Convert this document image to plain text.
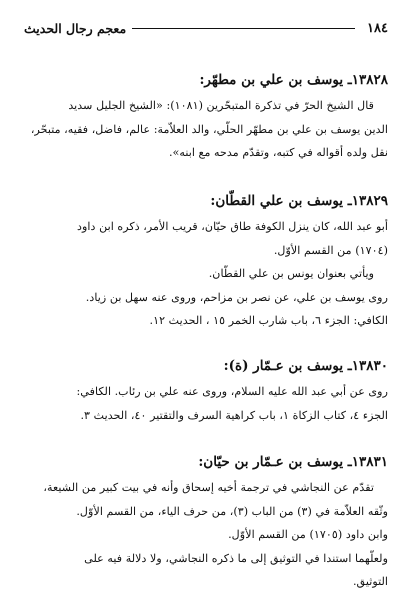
١٨٤
معجم رجال الحديث
١٣٨٢٨ـ يوسف بن علي بن مطهّر:

قال الشيخ الحرّ في تذكرة المتبحّرين (١٠٨١): «الشيخ الجليل سديد

الدين يوسف بن علي بن مطهّر الحلّي، والد العلاّمة: عالم، فاضل، فقيه، متبحّر،

نقل ولده أقواله في كتبه، وتقدّم مدحه مع ابنه».

١٣٨٢٩ـ يوسف بن علي القطّان:

أبو عبد الله، كان ينزل الكوفة طاق حيّان، قريب الأمر، ذكره ابن داود

(١٧٠٤) من القسم الأوّل.

ويأتي بعنوان يونس بن علي القطّان.

روى يوسف بن علي، عن نصر بن مزاحم، وروى عنه سهل بن زياد.

الكافي: الجزء ٦، باب شارب الخمر ١٥ ، الحديث ١٢.

١٣٨٣٠ـ يوسف بن عـمّار (ة):

روى عن أبي عبد الله عليه السلام، وروى عنه علي بن رئاب. الكافي:

الجزء ٤، كتاب الزكاة ١، باب كراهية السرف والتقتير ٤٠، الحديث ٣.

١٣٨٣١ـ يوسف بن عـمّار بن حيّان:

تقدّم عن النجاشي في ترجمة أخيه إسحاق وأنه في بيت كبير من الشيعة،

وثّقه العلاّمة في (٣) من الباب (٣)، من حرف الياء، من القسم الأوّل.

وابن داود (١٧٠٥) من القسم الأوّل.

ولعلّهما استندا في التوثيق إلى ما ذكره النجاشي، ولا دلالة فيه على

التوثيق.
